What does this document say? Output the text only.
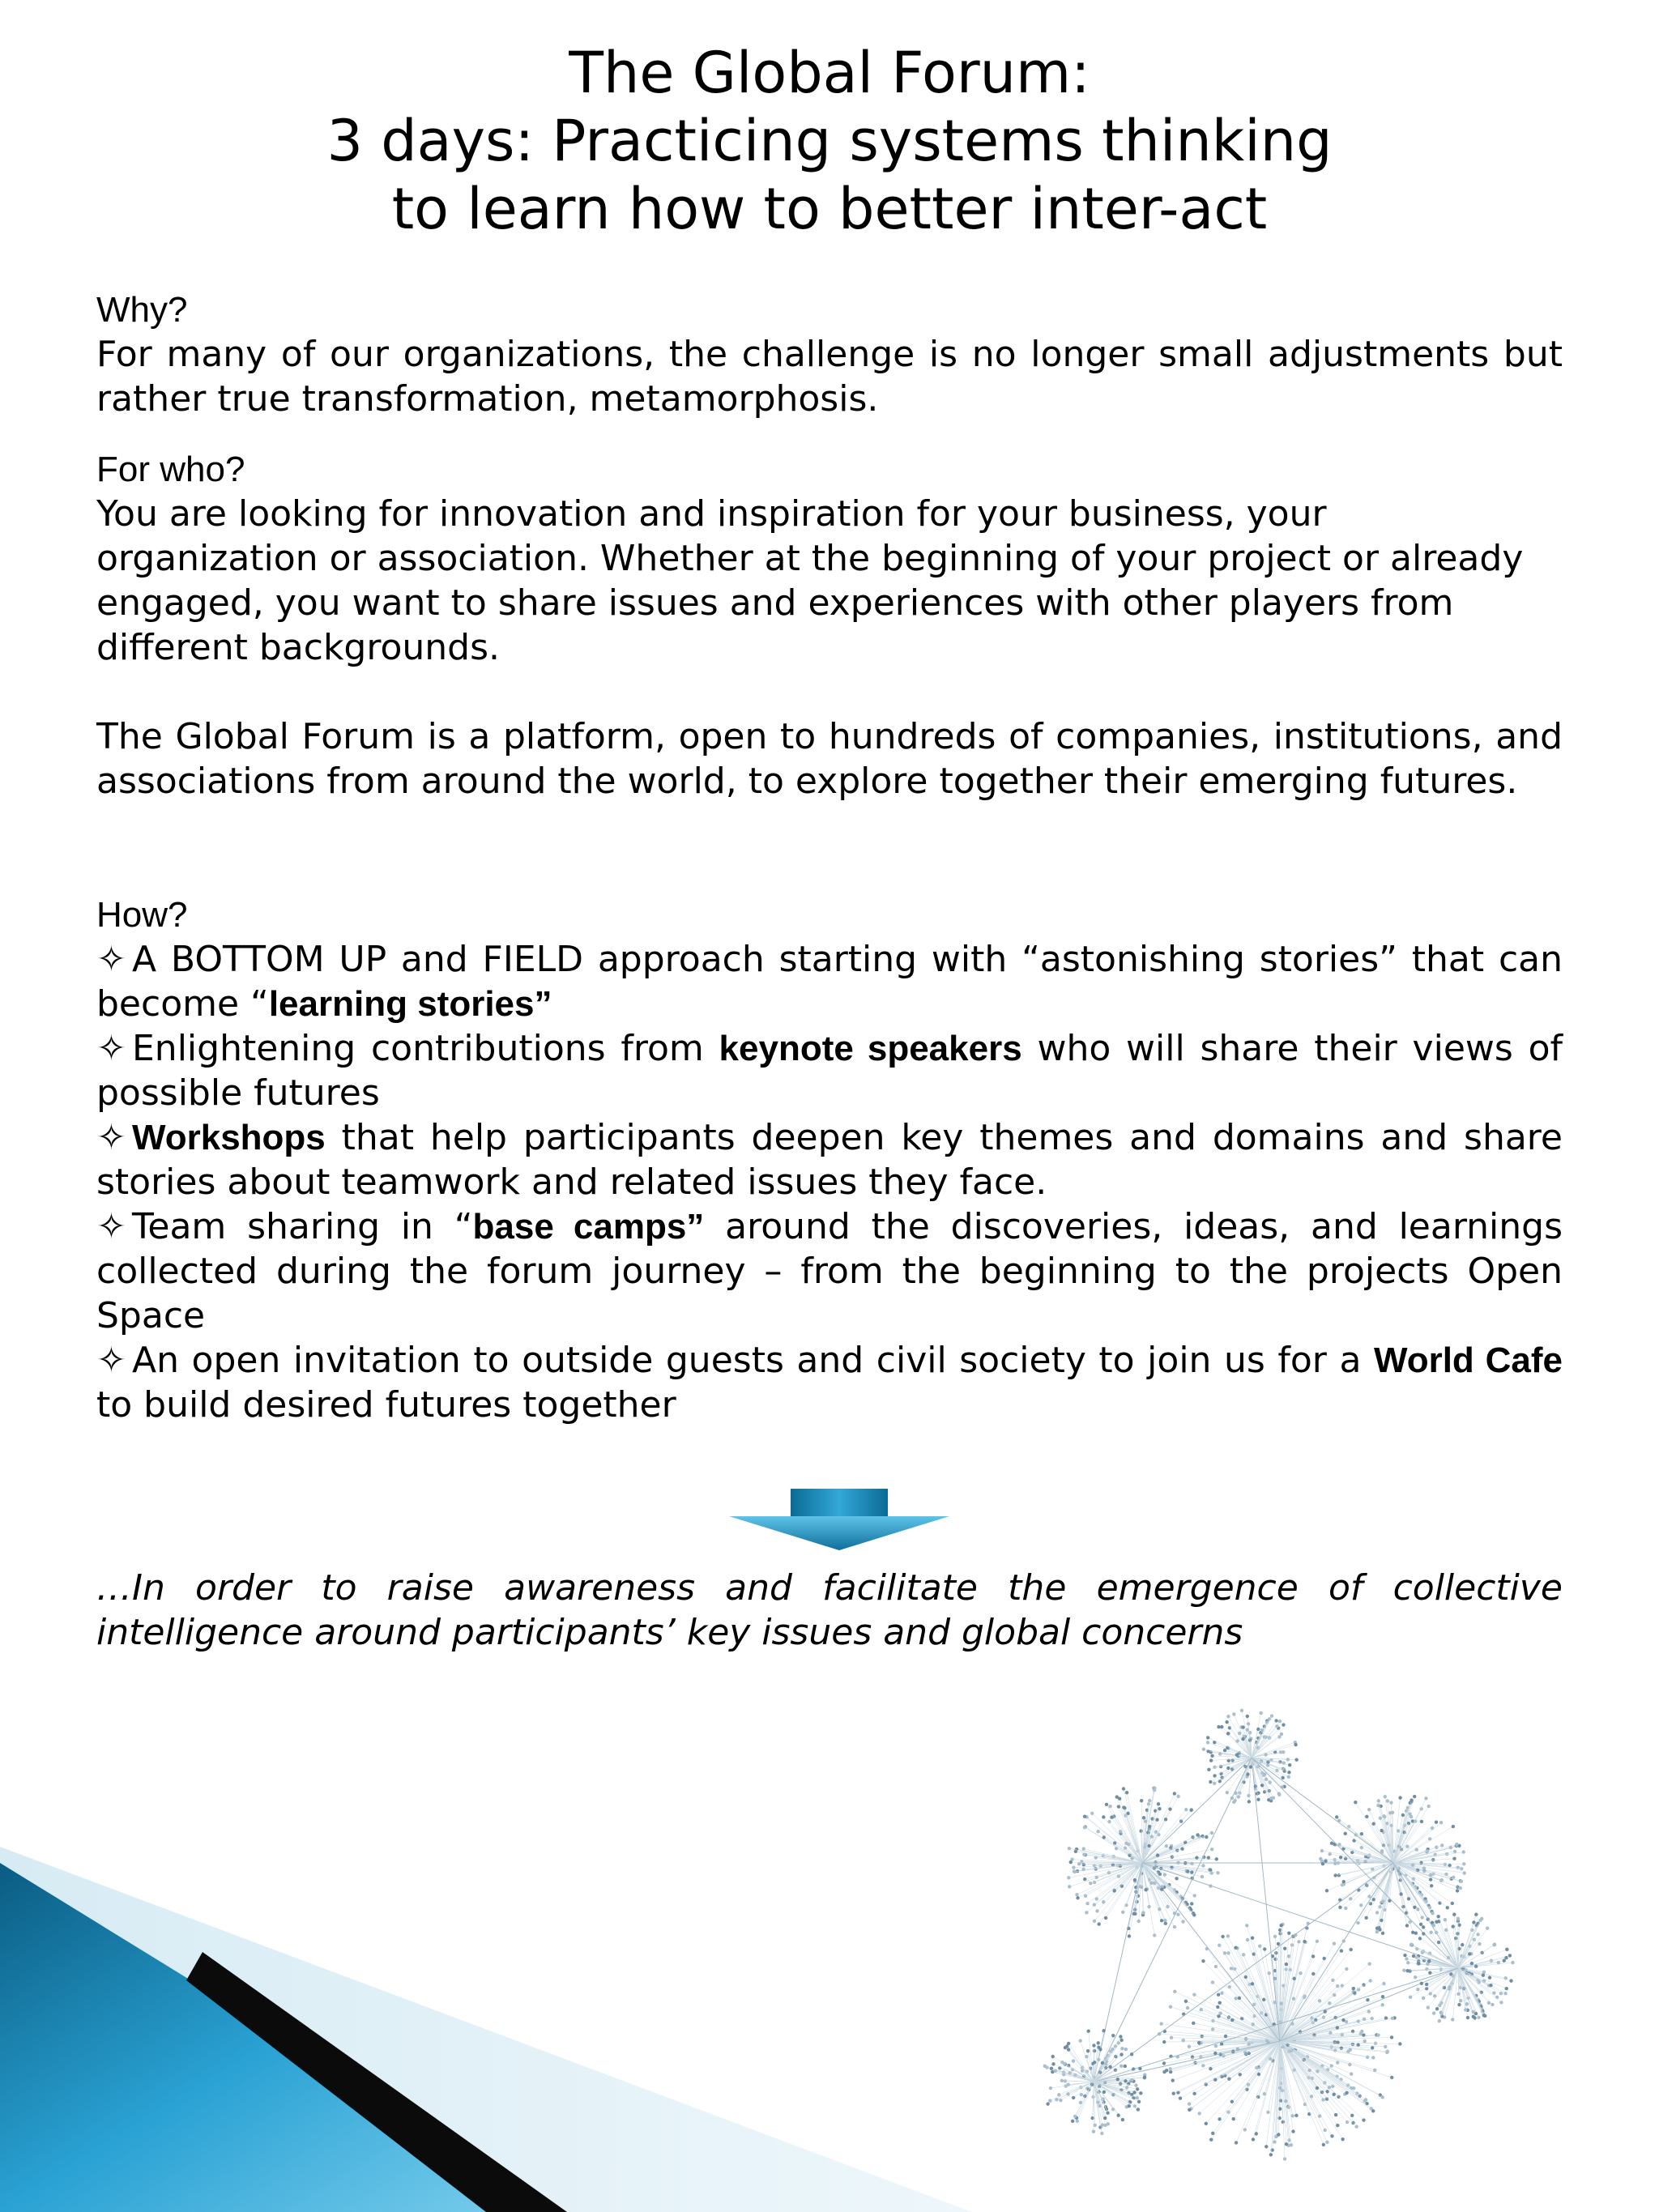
The Global Forum:
3 days: Practicing systems thinking
to learn how to better inter-act
Why?

For many of our organizations, the challenge is no longer small adjustments but rather true transformation, metamorphosis.

For who?

You are looking for innovation and inspiration for your business, your

organization or association. Whether at the beginning of your project or already

engaged, you want to share issues and experiences with other players from

different backgrounds.

The Global Forum is a platform, open to hundreds of companies, institutions, and associations from around the world, to explore together their emerging futures.

How?

✧ A BOTTOM UP and FIELD approach starting with “astonishing stories” that can become “learning stories”

✧ Enlightening contributions from keynote speakers who will share their views of possible futures

✧ Workshops that help participants deepen key themes and domains and share stories about teamwork and related issues they face.

✧ Team sharing in “base camps” around the discoveries, ideas, and learnings collected during the forum journey – from the beginning to the projects Open Space

✧ An open invitation to outside guests and civil society to join us for a World Cafe to build desired futures together

…In order to raise awareness and facilitate the emergence of collective
intelligence around participants’ key issues and global concerns
